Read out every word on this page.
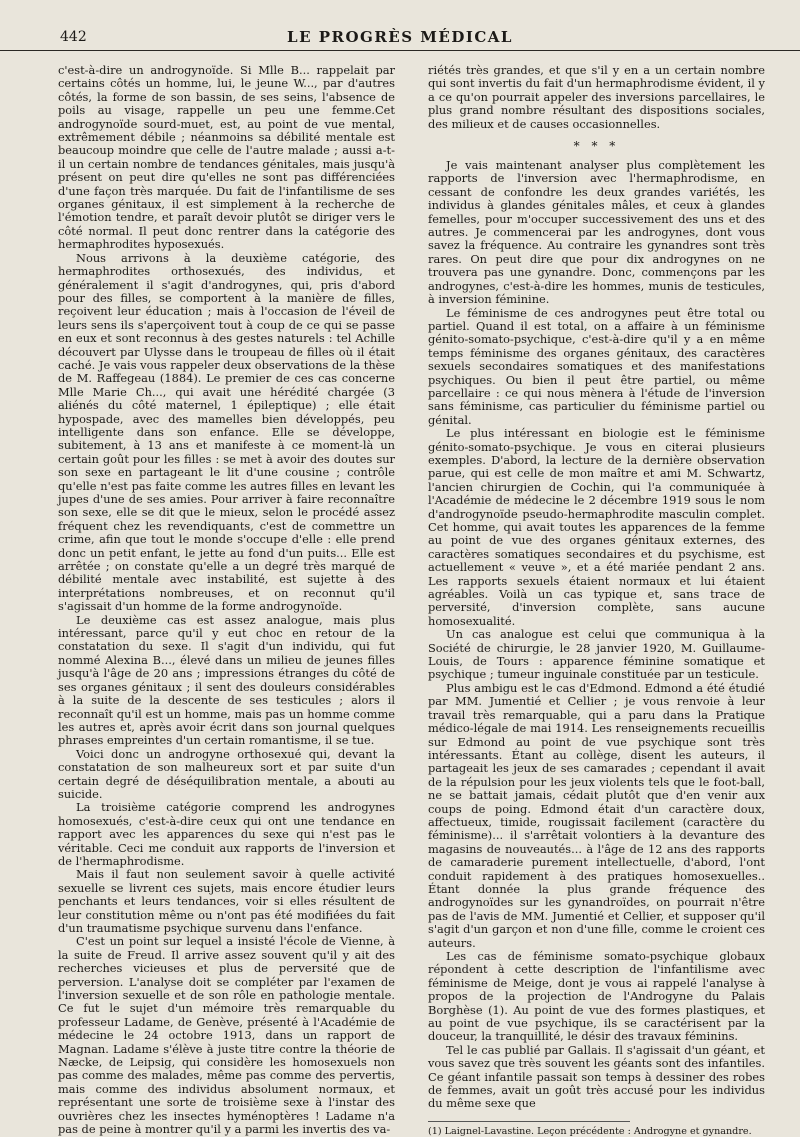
442	LE PROGRÈS MÉDICAL

c'est-à-dire un androgynoïde. Si Mlle B... rappelait par certains côtés un homme, lui, le jeune W..., par d'autres côtés, la forme de son bassin, de ses seins, l'absence de poils au visage, rappelle un peu une femme.Cet androgynoïde sourd-muet, est, au point de vue mental, extrêmement débile ; néanmoins sa débilité mentale est beaucoup moindre que celle de l'autre malade ; aussi a-t-il un certain nombre de tendances génitales, mais jusqu'à présent on peut dire qu'elles ne sont pas différenciées d'une façon très marquée. Du fait de l'infantilisme de ses organes génitaux, il est simplement à la recherche de l'émotion tendre, et paraît devoir plutôt se diriger vers le côté normal. Il peut donc rentrer dans la catégorie des hermaphrodites hyposexués.

Nous arrivons à la deuxième catégorie, des hermaphrodites orthosexués, des individus, et généralement il s'agit d'androgynes, qui, pris d'abord pour des filles, se comportent à la manière de filles, reçoivent leur éducation ; mais à l'occasion de l'éveil de leurs sens ils s'aperçoivent tout à coup de ce qui se passe en eux et sont reconnus à des gestes naturels : tel Achille découvert par Ulysse dans le troupeau de filles où il était caché. Je vais vous rappeler deux observations de la thèse de M. Raffegeau (1884). Le premier de ces cas concerne Mlle Marie Ch..., qui avait une hérédité chargée (3 aliénés du côté maternel, 1 épileptique) ; elle était hypospade, avec des mamelles bien développés, peu intelligente dans son enfance. Elle se développe, subitement, à 13 ans et manifeste à ce moment-là un certain goût pour les filles : se met à avoir des doutes sur son sexe en partageant le lit d'une cousine ; contrôle qu'elle n'est pas faite comme les autres filles en levant les jupes d'une de ses amies. Pour arriver à faire reconnaître son sexe, elle se dit que le mieux, selon le procédé assez fréquent chez les revendiquants, c'est de commettre un crime, afin que tout le monde s'occupe d'elle : elle prend donc un petit enfant, le jette au fond d'un puits... Elle est arrêtée ; on constate qu'elle a un degré très marqué de débilité mentale avec instabilité, est sujette à des interprétations nombreuses, et on reconnut qu'il s'agissait d'un homme de la forme androgynoïde.

Le deuxième cas est assez analogue, mais plus intéressant, parce qu'il y eut choc en retour de la constatation du sexe. Il s'agit d'un individu, qui fut nommé Alexina B..., élevé dans un milieu de jeunes filles jusqu'à l'âge de 20 ans ; impressions étranges du côté de ses organes génitaux ; il sent des douleurs considérables à la suite de la descente de ses testicules ; alors il reconnaît qu'il est un homme, mais pas un homme comme les autres et, après avoir écrit dans son journal quelques phrases empreintes d'un certain romantisme, il se tue.

Voici donc un androgyne orthosexué qui, devant la constatation de son malheureux sort et par suite d'un certain degré de déséquilibration mentale, a abouti au suicide.

La troisième catégorie comprend les androgynes homosexués, c'est-à-dire ceux qui ont une tendance en rapport avec les apparences du sexe qui n'est pas le véritable. Ceci me conduit aux rapports de l'inversion et de l'hermaphrodisme.

Mais il faut non seulement savoir à quelle activité sexuelle se livrent ces sujets, mais encore étudier leurs penchants et leurs tendances, voir si elles résultent de leur constitution même ou n'ont pas été modifiées du fait d'un traumatisme psychique survenu dans l'enfance.

C'est un point sur lequel a insisté l'école de Vienne, à la suite de Freud. Il arrive assez souvent qu'il y ait des recherches vicieuses et plus de perversité que de perversion. L'analyse doit se compléter par l'examen de l'inversion sexuelle et de son rôle en pathologie mentale. Ce fut le sujet d'un mémoire très remarquable du professeur Ladame, de Genève, présenté à l'Académie de médecine le 24 octobre 1913, dans un rapport de Magnan. Ladame s'élève à juste titre contre la théorie de Næcke, de Leipsig, qui considère les homosexuels non pas comme des malades, même pas comme des pervertis, mais comme des individus absolument normaux, et représentant une sorte de troisième sexe à l'instar des ouvrières chez les insectes hyménoptères ! Ladame n'a pas de peine à montrer qu'il y a parmi les invertis des va-

riétés très grandes, et que s'il y en a un certain nombre qui sont invertis du fait d'un hermaphrodisme évident, il y a ce qu'on pourrait appeler des inversions parcellaires, le plus grand nombre résultant des dispositions sociales, des milieux et de causes occasionnelles.

* * *

Je vais maintenant analyser plus complètement les rapports de l'inversion avec l'hermaphrodisme, en cessant de confondre les deux grandes variétés, les individus à glandes génitales mâles, et ceux à glandes femelles, pour m'occuper successivement des uns et des autres. Je commencerai par les androgynes, dont vous savez la fréquence. Au contraire les gynandres sont très rares. On peut dire que pour dix androgynes on ne trouvera pas une gynandre. Donc, commençons par les androgynes, c'est-à-dire les hommes, munis de testicules, à inversion féminine.

Le féminisme de ces androgynes peut être total ou partiel. Quand il est total, on a affaire à un féminisme génito-somato-psychique, c'est-à-dire qu'il y a en même temps féminisme des organes génitaux, des caractères sexuels secondaires somatiques et des manifestations psychiques. Ou bien il peut être partiel, ou même parcellaire : ce qui nous mènera à l'étude de l'inversion sans féminisme, cas particulier du féminisme partiel ou génital.

Le plus intéressant en biologie est le féminisme génito-somato-psychique. Je vous en citerai plusieurs exemples. D'abord, la lecture de la dernière observation parue, qui est celle de mon maître et ami M. Schwartz, l'ancien chirurgien de Cochin, qui l'a communiquée à l'Académie de médecine le 2 décembre 1919 sous le nom d'androgynoïde pseudo-hermaphrodite masculin complet. Cet homme, qui avait toutes les apparences de la femme au point de vue des organes génitaux externes, des caractères somatiques secondaires et du psychisme, est actuellement « veuve », et a été mariée pendant 2 ans. Les rapports sexuels étaient normaux et lui étaient agréables. Voilà un cas typique et, sans trace de perversité, d'inversion complète, sans aucune homosexualité.

Un cas analogue est celui que communiqua à la Société de chirurgie, le 28 janvier 1920, M. Guillaume-Louis, de Tours : apparence féminine somatique et psychique ; tumeur inguinale constituée par un testicule.

Plus ambigu est le cas d'Edmond. Edmond a été étudié par MM. Jumentié et Cellier ; je vous renvoie à leur travail très remarquable, qui a paru dans la Pratique médico-légale de mai 1914. Les renseignements recueillis sur Edmond au point de vue psychique sont très intéressants. Étant au collège, disent les auteurs, il partageait les jeux de ses camarades ; cependant il avait de la répulsion pour les jeux violents tels que le foot-ball, ne se battait jamais, cédait plutôt que d'en venir aux coups de poing. Edmond était d'un caractère doux, affectueux, timide, rougissait facilement (caractère du féminisme)... il s'arrêtait volontiers à la devanture des magasins de nouveautés... à l'âge de 12 ans des rapports de camaraderie purement intellectuelle, d'abord, l'ont conduit rapidement à des pratiques homosexuelles.. Étant donnée la plus grande fréquence des androgynoïdes sur les gynandroïdes, on pourrait n'être pas de l'avis de MM. Jumentié et Cellier, et supposer qu'il s'agit d'un garçon et non d'une fille, comme le croient ces auteurs.

Les cas de féminisme somato-psychique globaux répondent à cette description de l'infantilisme avec féminisme de Meige, dont je vous ai rappelé l'analyse à propos de la projection de l'Androgyne du Palais Borghèse (1). Au point de vue des formes plastiques, et au point de vue psychique, ils se caractérisent par la douceur, la tranquillité, le désir des travaux féminins.

Tel le cas publié par Gallais. Il s'agissait d'un géant, et vous savez que très souvent les géants sont des infantiles. Ce géant infantile passait son temps à dessiner des robes de femmes, avait un goût très accusé pour les individus du même sexe que

(1) Laignel-Lavastine. Leçon précédente : Androgyne et gynandre.
